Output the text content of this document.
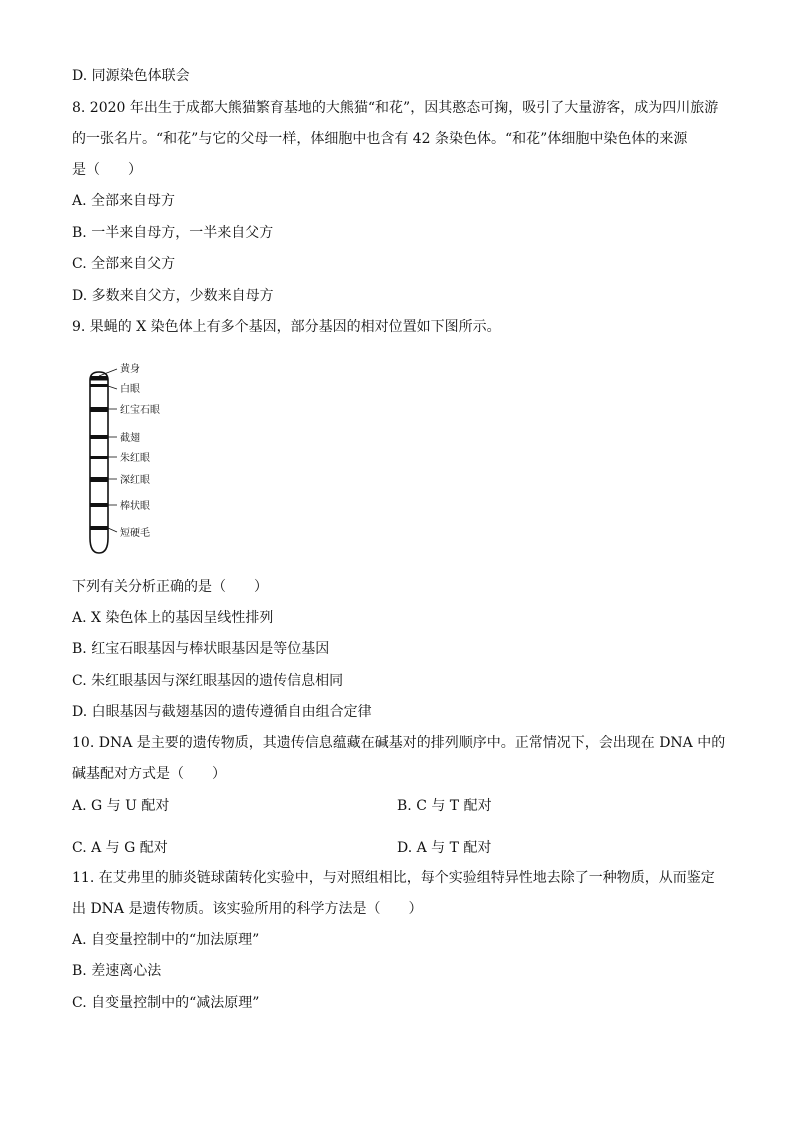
D. 同源染色体联会
8. 2020 年出生于成都大熊猫繁育基地的大熊猫“和花”，因其憨态可掬，吸引了大量游客，成为四川旅游
的一张名片。“和花”与它的父母一样，体细胞中也含有 42 条染色体。“和花”体细胞中染色体的来源
是（　　）
A. 全部来自母方
B. 一半来自母方，一半来自父方
C. 全部来自父方
D. 多数来自父方，少数来自母方
9. 果蝇的 X 染色体上有多个基因，部分基因的相对位置如下图所示。
黄身
白眼
红宝石眼
截翅
朱红眼
深红眼
棒状眼
短硬毛
下列有关分析正确的是（　　）
A. X 染色体上的基因呈线性排列
B. 红宝石眼基因与棒状眼基因是等位基因
C. 朱红眼基因与深红眼基因的遗传信息相同
D. 白眼基因与截翅基因的遗传遵循自由组合定律
10. DNA 是主要的遗传物质，其遗传信息蕴藏在碱基对的排列顺序中。正常情况下，会出现在 DNA 中的
碱基配对方式是（　　）
A. G 与 U 配对	B. C 与 T 配对
C. A 与 G 配对	D. A 与 T 配对
11. 在艾弗里的肺炎链球菌转化实验中，与对照组相比，每个实验组特异性地去除了一种物质，从而鉴定
出 DNA 是遗传物质。该实验所用的科学方法是（　　）
A. 自变量控制中的“加法原理”
B. 差速离心法
C. 自变量控制中的“减法原理”
